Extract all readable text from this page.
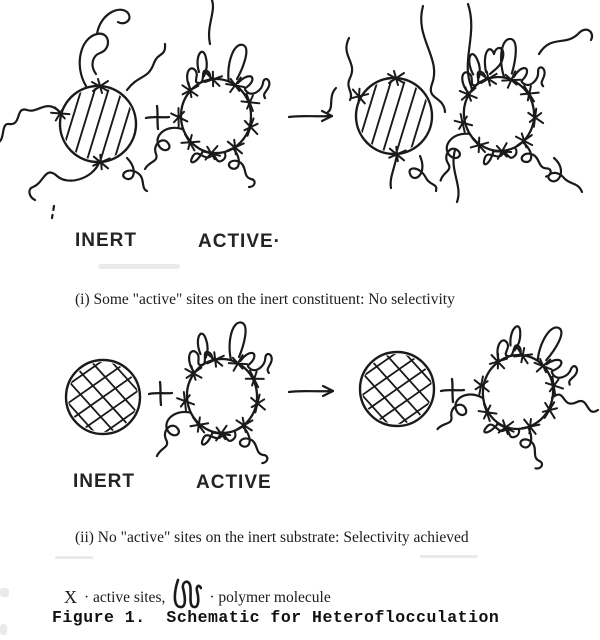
INERT	ACTIVE·
(i) Some "active" sites on the inert constituent: No selectivity
INERT	ACTIVE
(ii) No "active" sites on the inert substrate: Selectivity achieved
X · active sites,	· polymer molecule
Figure 1.  Schematic for Heteroflocculation
